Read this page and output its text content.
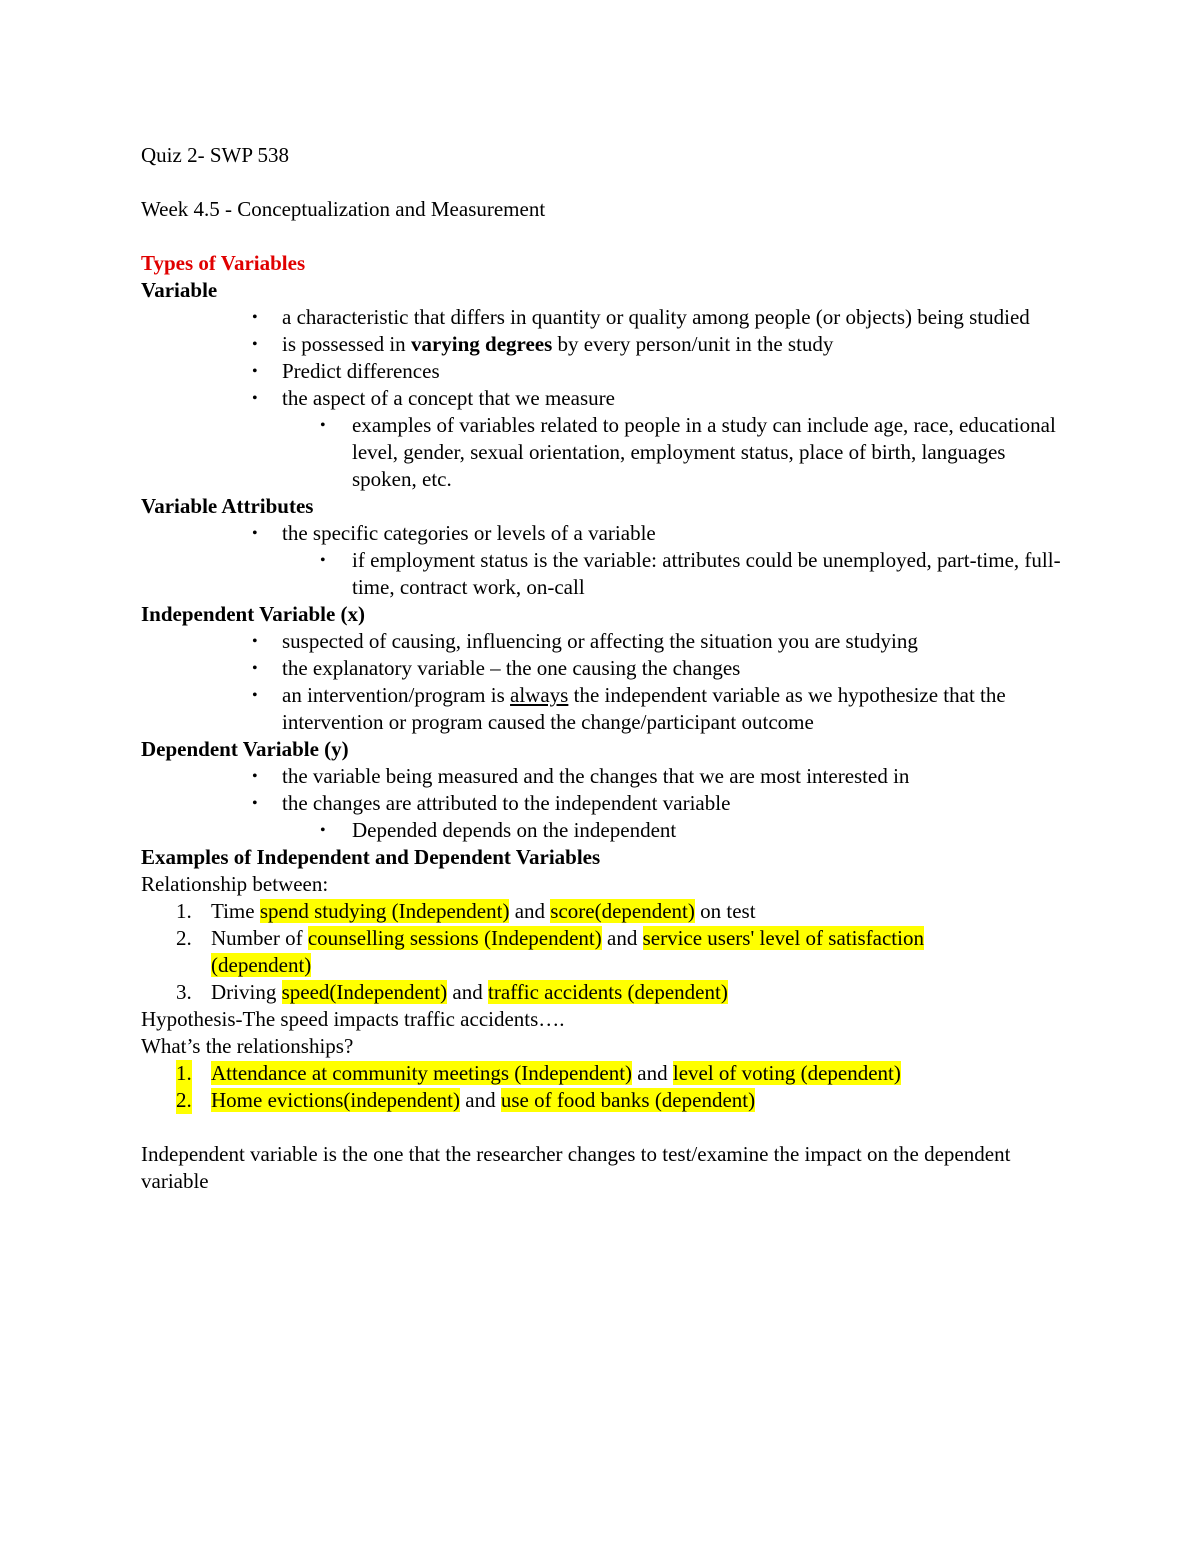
Quiz 2- SWP 538

Week 4.5 - Conceptualization and Measurement

Types of Variables

Variable

• a characteristic that differs in quantity or quality among people (or objects) being studied
• is possessed in varying degrees by every person/unit in the study
• Predict differences
• the aspect of a concept that we measure
• examples of variables related to people in a study can include age, race, educational level, gender, sexual orientation, employment status, place of birth, languages spoken, etc.

Variable Attributes

• the specific categories or levels of a variable
• if employment status is the variable: attributes could be unemployed, part-time, full-time, contract work, on-call

Independent Variable (x)

• suspected of causing, influencing or affecting the situation you are studying
• the explanatory variable – the one causing the changes
• an intervention/program is always the independent variable as we hypothesize that the intervention or program caused the change/participant outcome

Dependent Variable (y)

• the variable being measured and the changes that we are most interested in
• the changes are attributed to the independent variable
• Depended depends on the independent

Examples of Independent and Dependent Variables

Relationship between:

1. Time spend studying (Independent) and score(dependent) on test
2. Number of counselling sessions (Independent) and service users' level of satisfaction (dependent)
3. Driving speed(Independent) and traffic accidents (dependent)

Hypothesis-The speed impacts traffic accidents….

What’s the relationships?

1. Attendance at community meetings (Independent) and level of voting (dependent)
2. Home evictions(independent) and use of food banks (dependent)

Independent variable is the one that the researcher changes to test/examine the impact on the dependent variable
